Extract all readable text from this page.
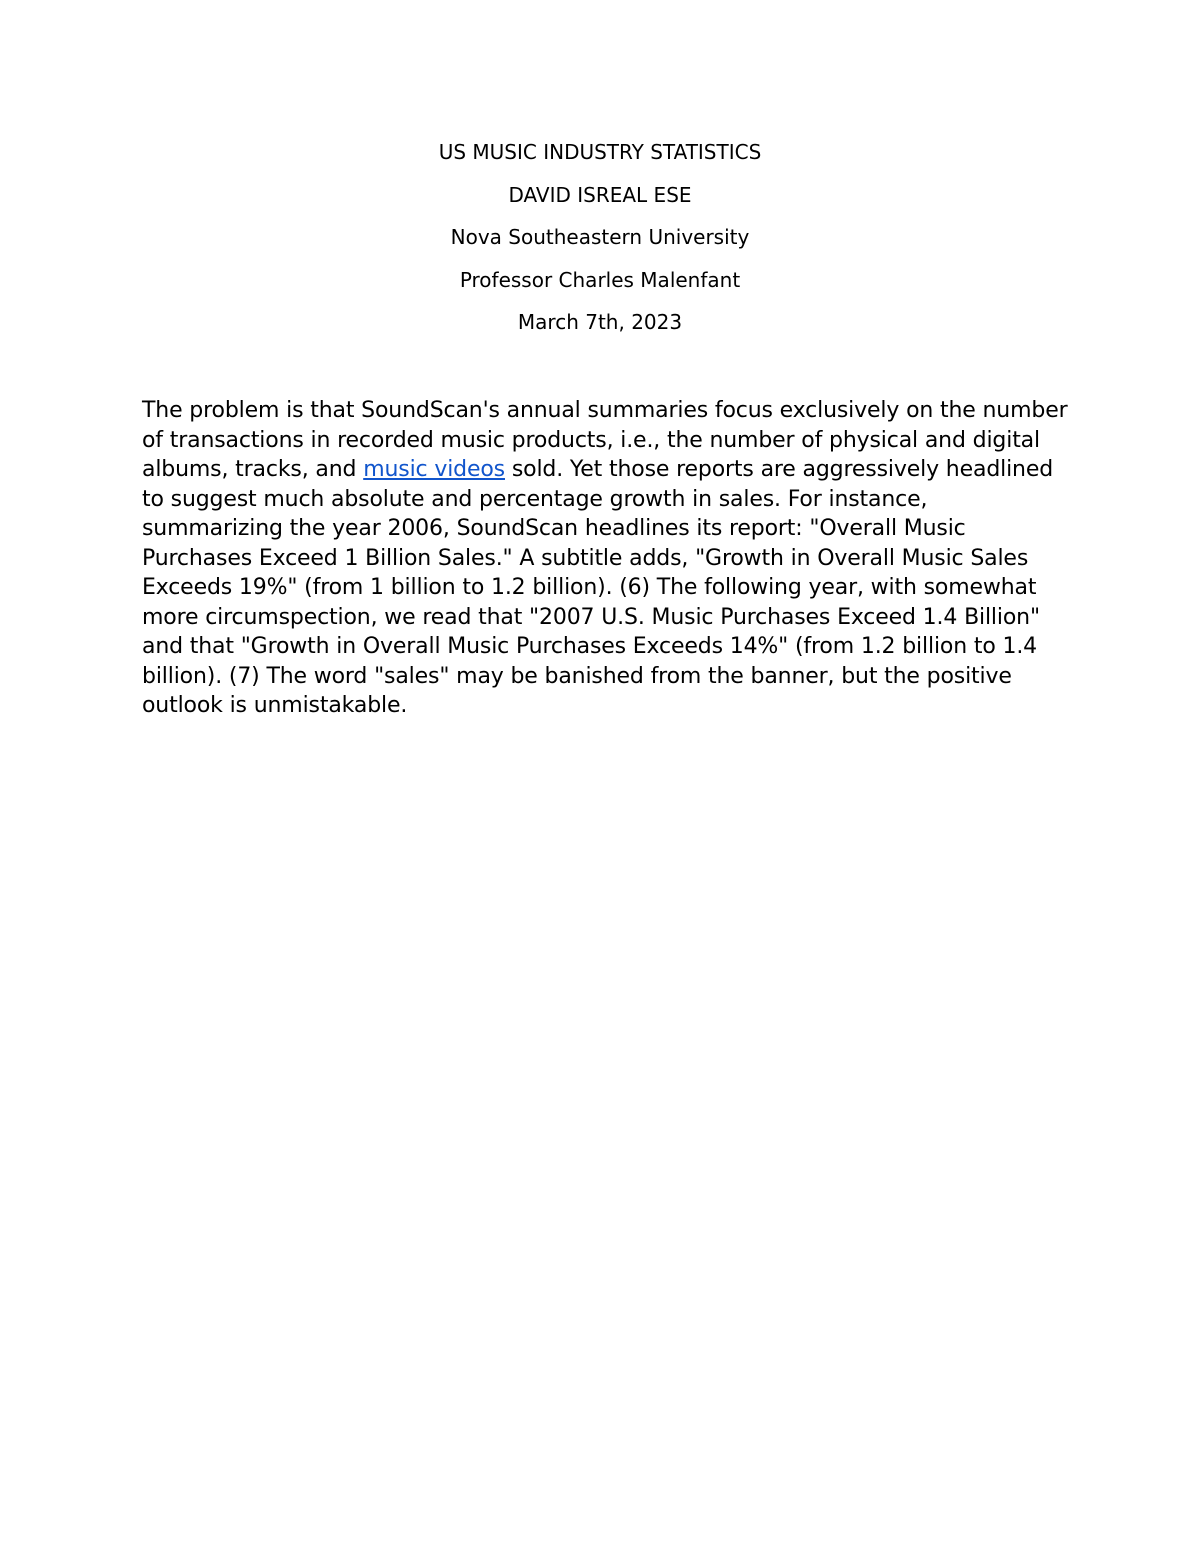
US MUSIC INDUSTRY STATISTICS
DAVID ISREAL ESE
Nova Southeastern University
Professor Charles Malenfant
March 7th, 2023

The problem is that SoundScan's annual summaries focus exclusively on the number of transactions in recorded music products, i.e., the number of physical and digital albums, tracks, and music videos sold. Yet those reports are aggressively headlined to suggest much absolute and percentage growth in sales. For instance, summarizing the year 2006, SoundScan headlines its report: "Overall Music Purchases Exceed 1 Billion Sales." A subtitle adds, "Growth in Overall Music Sales Exceeds 19%" (from 1 billion to 1.2 billion). (6) The following year, with somewhat more circumspection, we read that "2007 U.S. Music Purchases Exceed 1.4 Billion" and that "Growth in Overall Music Purchases Exceeds 14%" (from 1.2 billion to 1.4 billion). (7) The word "sales" may be banished from the banner, but the positive outlook is unmistakable.
